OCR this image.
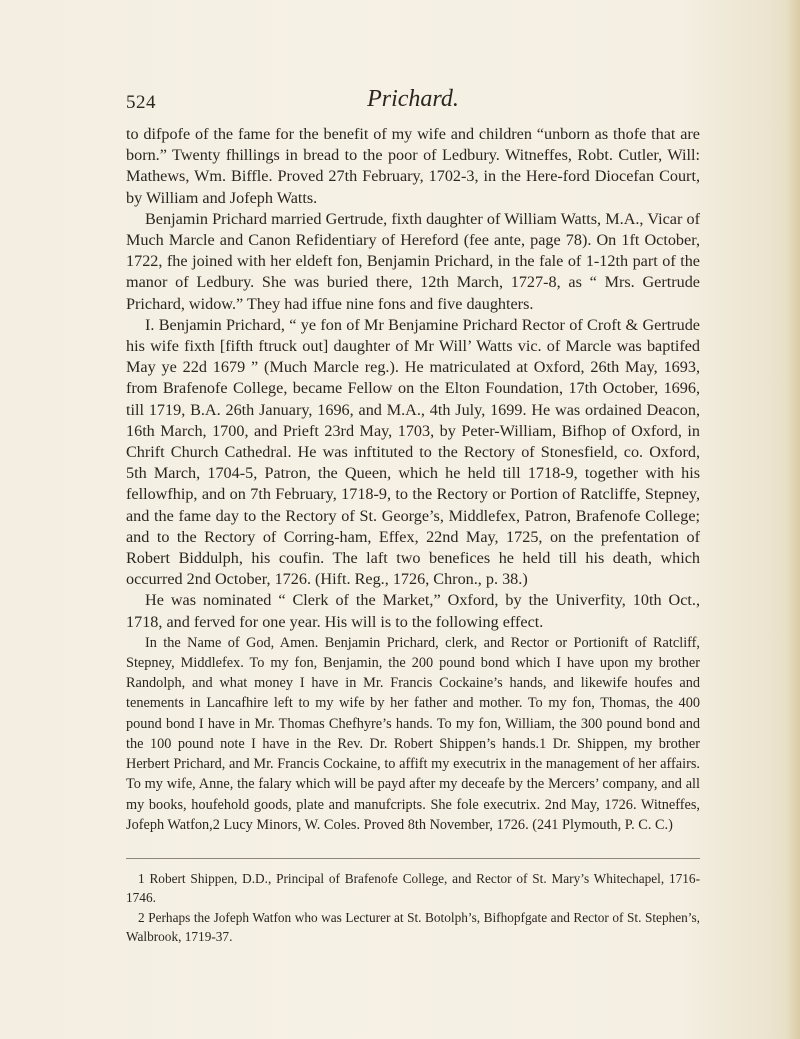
524	Prichard.

to difpofe of the fame for the benefit of my wife and children “unborn as thofe that are born.” Twenty fhillings in bread to the poor of Ledbury. Witneffes, Robt. Cutler, Will: Mathews, Wm. Biffle. Proved 27th February, 1702-3, in the Here-ford Diocefan Court, by William and Jofeph Watts.

Benjamin Prichard married Gertrude, fixth daughter of William Watts, M.A., Vicar of Much Marcle and Canon Refidentiary of Hereford (fee ante, page 78). On 1ft October, 1722, fhe joined with her eldeft fon, Benjamin Prichard, in the fale of 1-12th part of the manor of Ledbury. She was buried there, 12th March, 1727-8, as “ Mrs. Gertrude Prichard, widow.” They had iffue nine fons and five daughters.

I. Benjamin Prichard, “ ye fon of Mr Benjamine Prichard Rector of Croft & Gertrude his wife fixth [fifth ftruck out] daughter of Mr Will’ Watts vic. of Marcle was baptifed May ye 22d 1679 ” (Much Marcle reg.). He matriculated at Oxford, 26th May, 1693, from Brafenofe College, became Fellow on the Elton Foundation, 17th October, 1696, till 1719, B.A. 26th January, 1696, and M.A., 4th July, 1699. He was ordained Deacon, 16th March, 1700, and Prieft 23rd May, 1703, by Peter-William, Bifhop of Oxford, in Chrift Church Cathedral. He was inftituted to the Rectory of Stonesfield, co. Oxford, 5th March, 1704-5, Patron, the Queen, which he held till 1718-9, together with his fellowfhip, and on 7th February, 1718-9, to the Rectory or Portion of Ratcliffe, Stepney, and the fame day to the Rectory of St. George’s, Middlefex, Patron, Brafenofe College; and to the Rectory of Corring-ham, Effex, 22nd May, 1725, on the prefentation of Robert Biddulph, his coufin. The laft two benefices he held till his death, which occurred 2nd October, 1726. (Hift. Reg., 1726, Chron., p. 38.)

He was nominated “ Clerk of the Market,” Oxford, by the Univerfity, 10th Oct., 1718, and ferved for one year. His will is to the following effect.

In the Name of God, Amen. Benjamin Prichard, clerk, and Rector or Portionift of Ratcliff, Stepney, Middlefex. To my fon, Benjamin, the 200 pound bond which I have upon my brother Randolph, and what money I have in Mr. Francis Cockaine’s hands, and likewife houfes and tenements in Lancafhire left to my wife by her father and mother. To my fon, Thomas, the 400 pound bond I have in Mr. Thomas Chefhyre’s hands. To my fon, William, the 300 pound bond and the 100 pound note I have in the Rev. Dr. Robert Shippen’s hands.1 Dr. Shippen, my brother Herbert Prichard, and Mr. Francis Cockaine, to affift my executrix in the management of her affairs. To my wife, Anne, the falary which will be payd after my deceafe by the Mercers’ company, and all my books, houfehold goods, plate and manufcripts. She fole executrix. 2nd May, 1726. Witneffes, Jofeph Watfon,2 Lucy Minors, W. Coles. Proved 8th November, 1726. (241 Plymouth, P. C. C.)

1 Robert Shippen, D.D., Principal of Brafenofe College, and Rector of St. Mary’s Whitechapel, 1716-1746.

2 Perhaps the Jofeph Watfon who was Lecturer at St. Botolph’s, Bifhopfgate and Rector of St. Stephen’s, Walbrook, 1719-37.
